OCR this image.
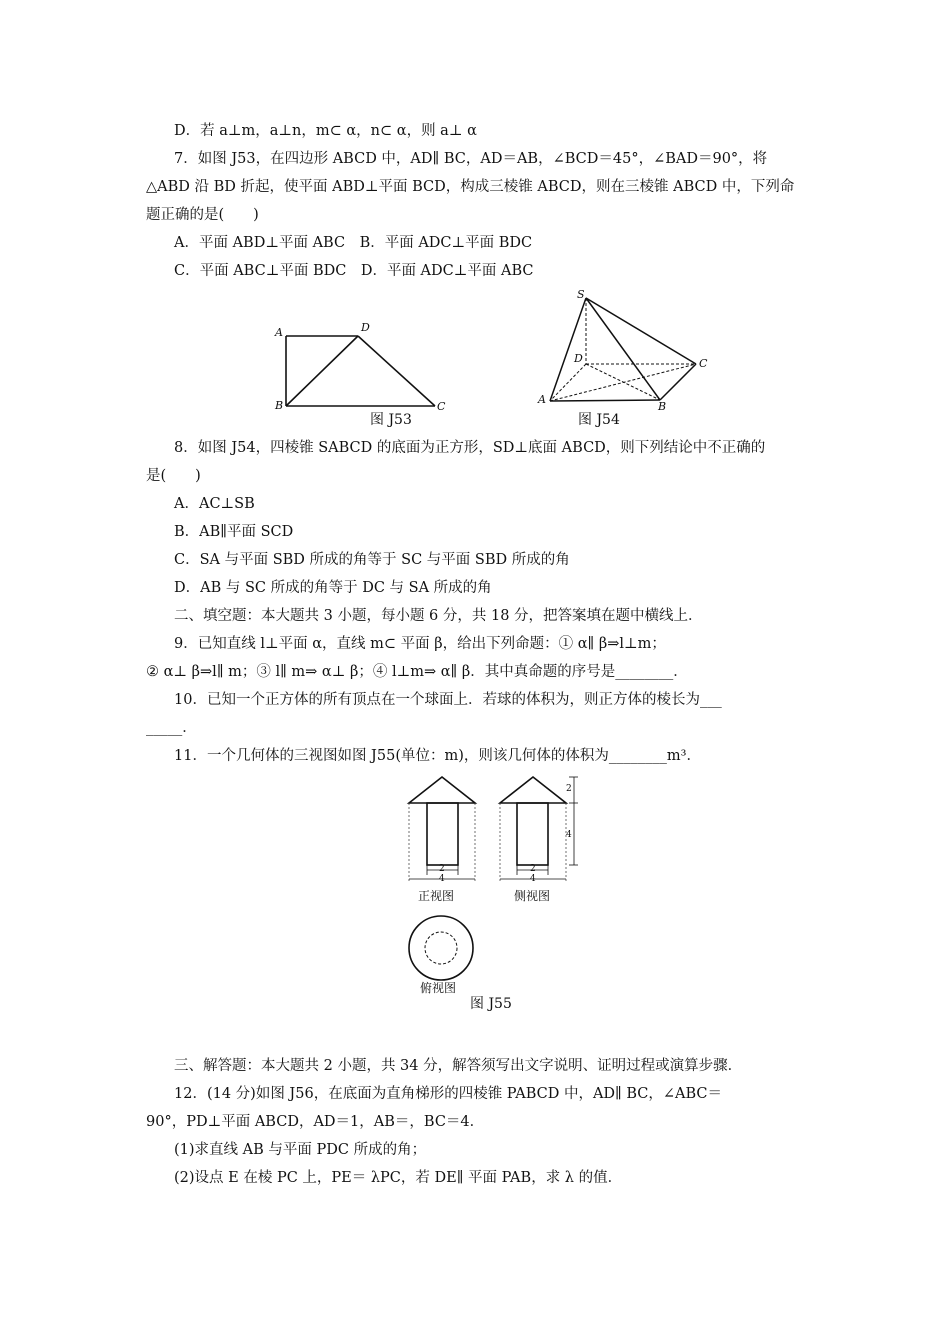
D．若 a⊥m，a⊥n，m⊂ α，n⊂ α，则 a⊥ α
7．如图 J53，在四边形 ABCD 中，AD∥ BC，AD＝AB，∠BCD＝45°，∠BAD＝90°，将
△ABD 沿 BD 折起，使平面 ABD⊥平面 BCD，构成三棱锥 ABCD，则在三棱锥 ABCD 中，下列命
题正确的是(　　)
A．平面 ABD⊥平面 ABC　B．平面 ADC⊥平面 BDC
C．平面 ABC⊥平面 BDC　D．平面 ADC⊥平面 ABC
A	D
B	C
图 J53
S
D	C
A
B
图 J54
8．如图 J54，四棱锥 SABCD 的底面为正方形，SD⊥底面 ABCD，则下列结论中不正确的
是(　　)
A．AC⊥SB
B．AB∥平面 SCD
C．SA 与平面 SBD 所成的角等于 SC 与平面 SBD 所成的角
D．AB 与 SC 所成的角等于 DC 与 SA 所成的角
二、填空题：本大题共 3 小题，每小题 6 分，共 18 分，把答案填在题中横线上．
9．已知直线 l⊥平面 α，直线 m⊂ 平面 β，给出下列命题：① α∥ β⇒l⊥m；
② α⊥ β⇒l∥ m；③ l∥ m⇒ α⊥ β；④ l⊥m⇒ α∥ β．其中真命题的序号是________．
10．已知一个正方体的所有顶点在一个球面上．若球的体积为，则正方体的棱长为___
_____．
11．一个几何体的三视图如图 J55(单位：m)，则该几何体的体积为________m³．
2
4
正视图
2
4
2
4
侧视图
俯视图
图 J55
三、解答题：本大题共 2 小题，共 34 分，解答须写出文字说明、证明过程或演算步骤．
12．(14 分)如图 J56，在底面为直角梯形的四棱锥 PABCD 中，AD∥ BC，∠ABC＝
90°，PD⊥平面 ABCD，AD＝1，AB＝，BC＝4．
(1)求直线 AB 与平面 PDC 所成的角；
(2)设点 E 在棱 PC 上，PE＝ λPC，若 DE∥ 平面 PAB，求 λ 的值．
